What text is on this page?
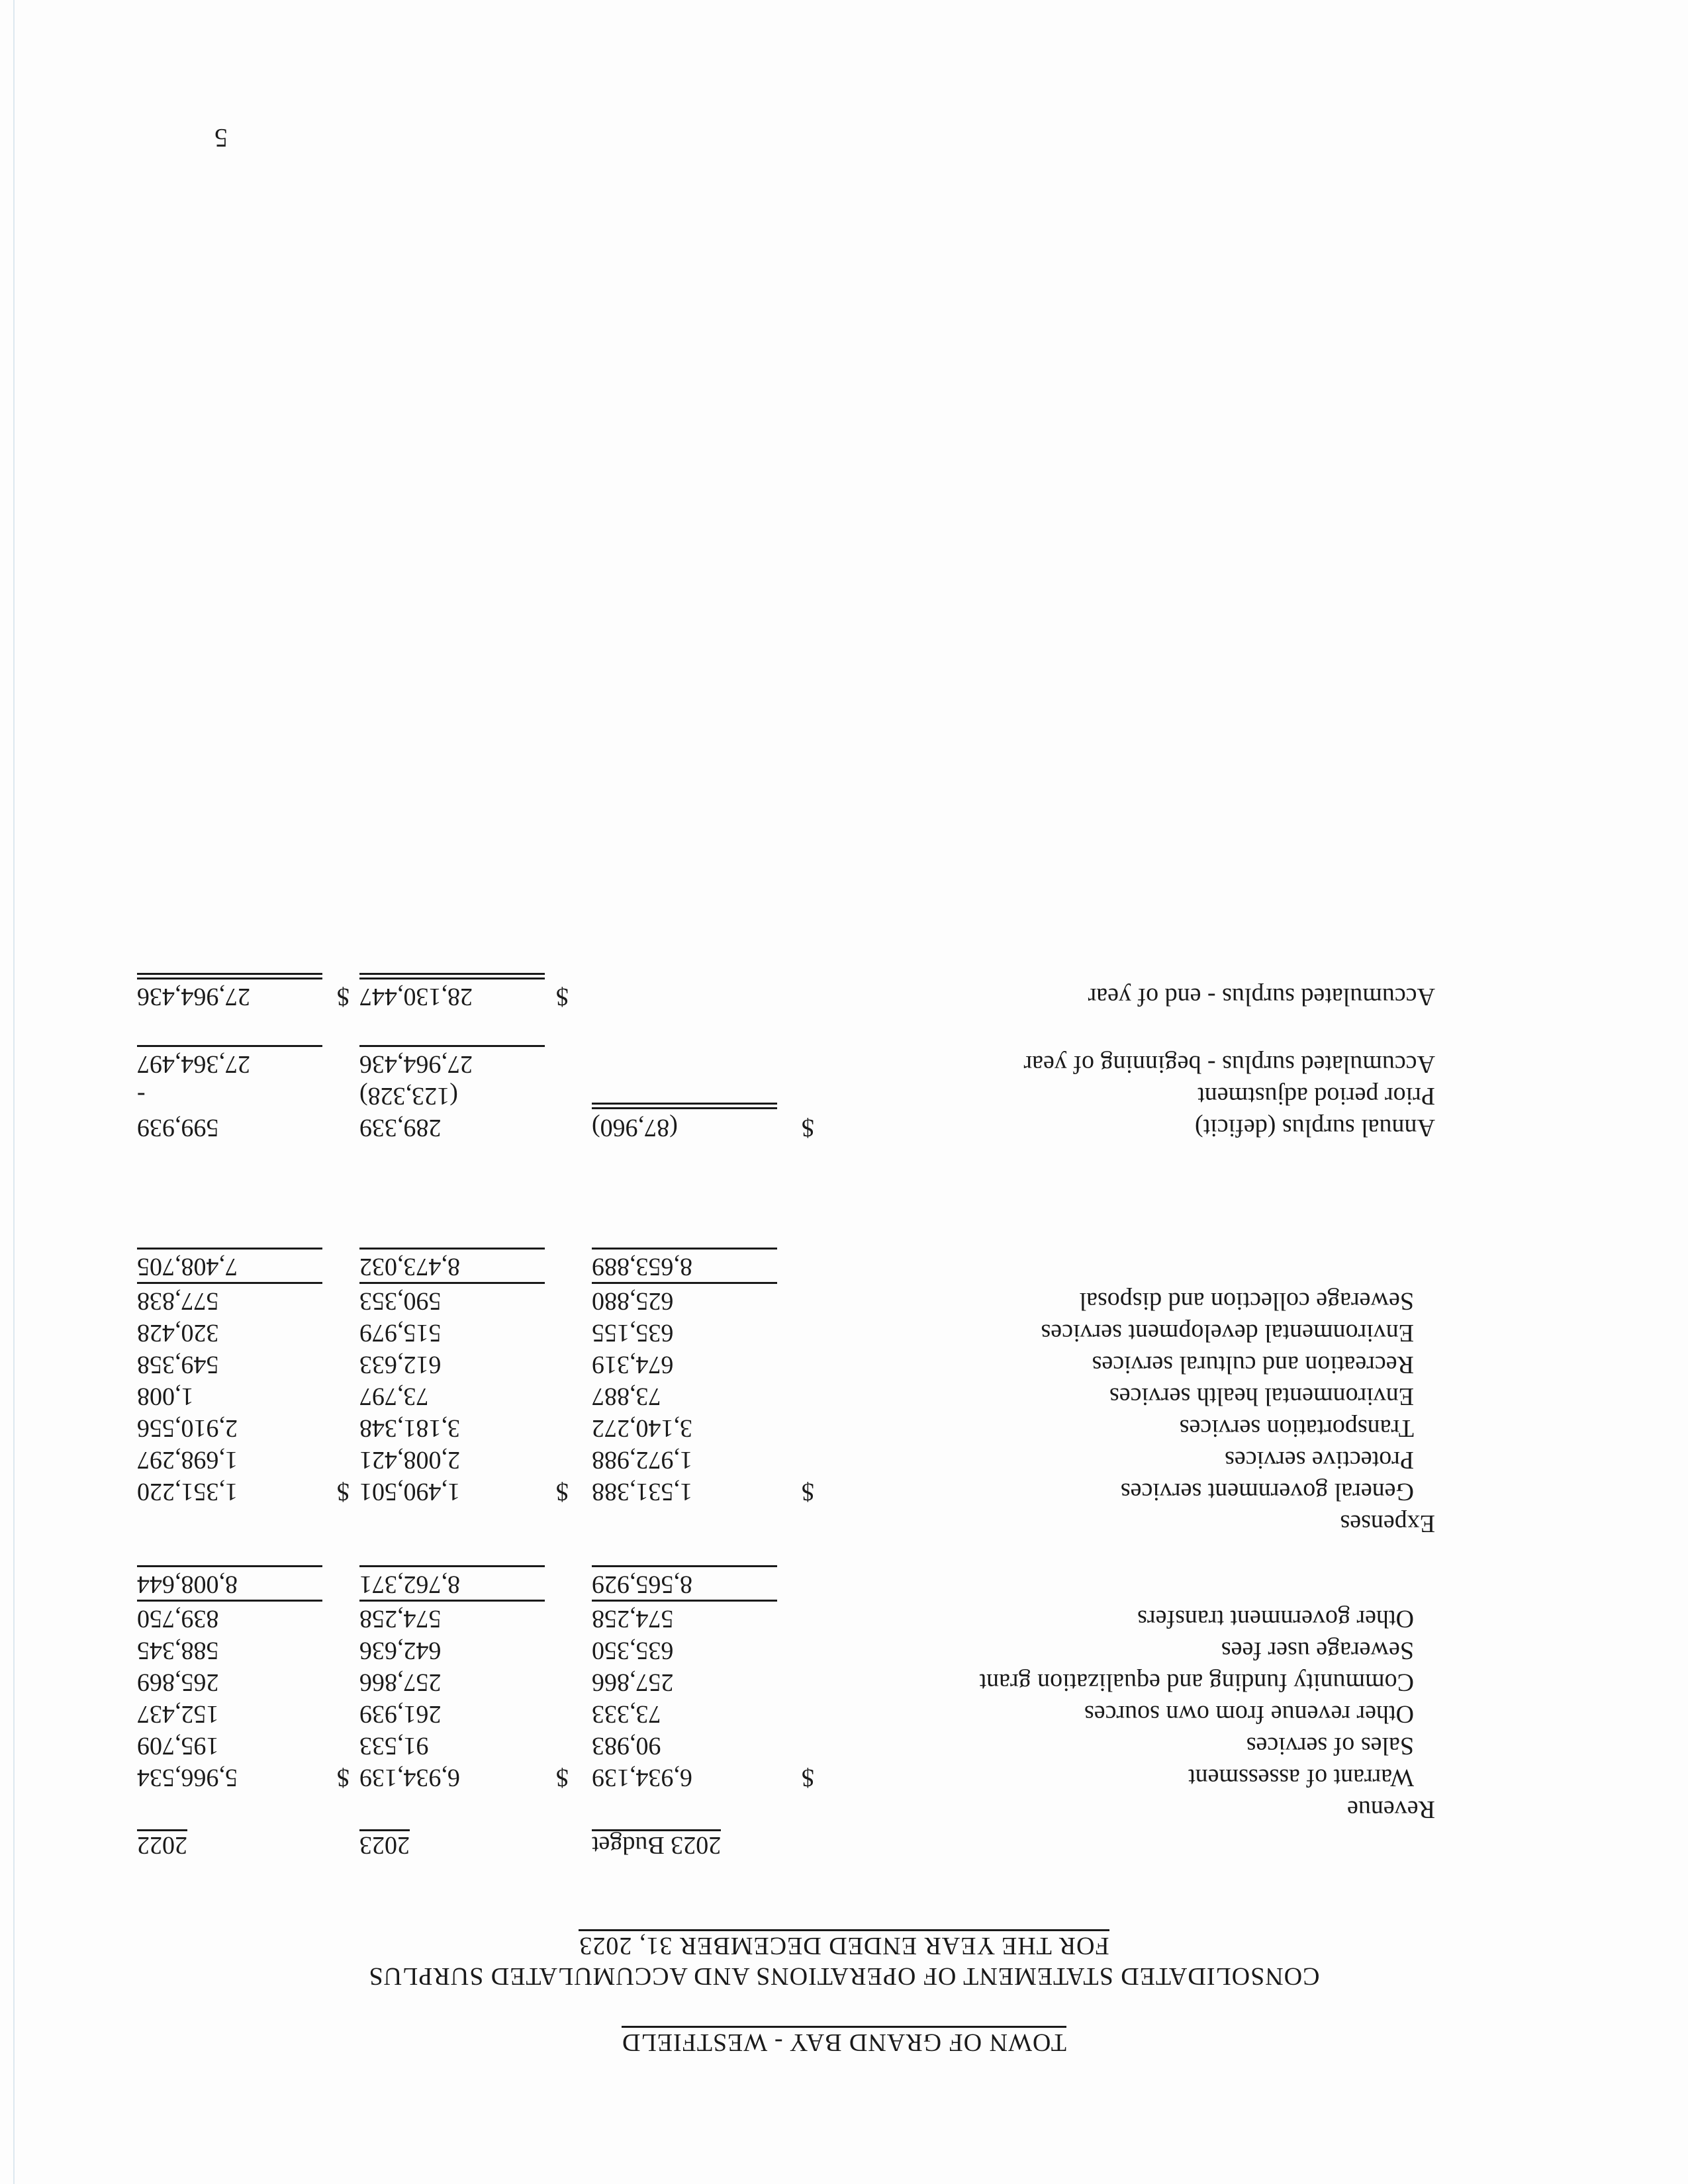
TOWN OF GRAND BAY - WESTFIELD
CONSOLIDATED STATEMENT OF OPERATIONS AND ACCUMULATED SURPLUS
FOR THE YEAR ENDED DECEMBER 31, 2023
2023 Budget
2023
2022
Revenue
$
$
$	Warrant of assessment
6,934,139
6,934,139
5,966,534
Sales of services
90,983
91,533
195,709
Other revenue from own sources
73,333
261,939
152,437
Community funding and equalization grant
257,866
257,866
265,869
Sewerage user fees
635,350
642,636
588,345
Other government transfers
574,258
574,258
839,750
8,565,929
8,762,371
8,008,644
Expenses
$
$
$	General government services
1,531,388
1,490,501
1,351,220
Protective services
1,972,988
2,008,421
1,698,297
Transportation services
3,140,272
3,181,348
2,910,556
Environmental health services
73,887
73,797
1,008
Recreation and cultural services
674,319
612,633
549,358
Environmental development services
635,155
515,979
320,428
Sewerage collection and disposal
625,880
590,353
577,838
8,653,889
8,473,032
7,408,705
Annual surplus (deficit)
$
(87,960)
289,339
599,939
Prior period adjustment
(123,328)
-
Accumulated surplus - beginning of year
27,964,436
27,364,497
Accumulated surplus - end of year
$
$ 28,130,447
27,964,436
5
